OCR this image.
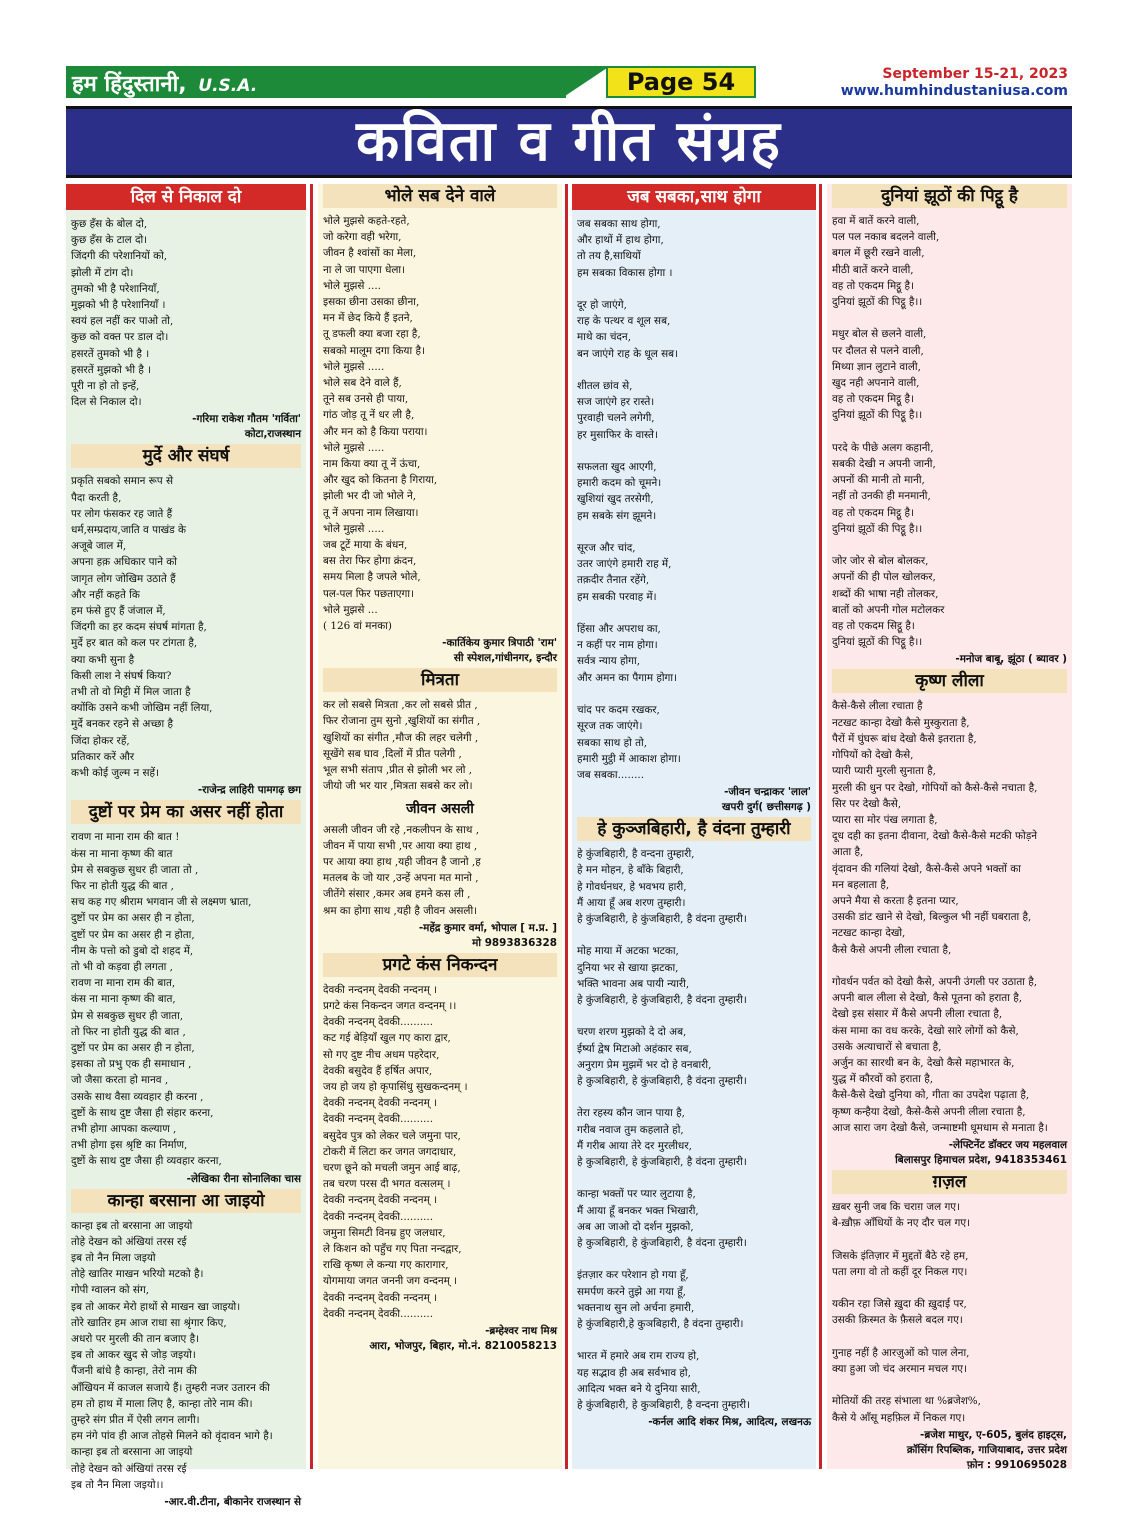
हम हिंदुस्तानी, U.S.A.	Page 54	September 15-21, 2023
www.humhindustaniusa.com
कविता व गीत संग्रह
दिल से निकाल दो
कुछ हँस के बोल दो,
कुछ हँस के टाल दो।
जिंदगी की परेशानियों को,
झोली में टांग दो।
तुमको भी है परेशानियाँ,
मुझको भी है परेशानियाँ ।
स्वयं हल नहीं कर पाओ तो,
कुछ को वक्त पर डाल दो।
हसरतें तुमको भी है ।
हसरतें मुझको भी है ।
पूरी ना हो तो इन्हें,
दिल से निकाल दो।
-गरिमा राकेश गौतम 'गर्विता'
कोटा,राजस्थान
मुर्दे और संघर्ष
प्रकृति सबको समान रूप से
पैदा करती है,
पर लोग फंसकर रह जाते हैं
धर्म,सम्प्रदाय,जाति व पाखंड के
अजूबे जाल में,
अपना हक़ अधिकार पाने को
जागृत लोग जोखिम उठाते हैं
और नहीं कहते कि
हम फंसे हुए हैं जंजाल में,
जिंदगी का हर कदम संघर्ष मांगता है,
मुर्दे हर बात को कल पर टांगता है,
क्या कभी सुना है
किसी लाश ने संघर्ष किया?
तभी तो वो मिट्टी में मिल जाता है
क्योंकि उसने कभी जोखिम नहीं लिया,
मुर्दे बनकर रहने से अच्छा है
जिंदा होकर रहें,
प्रतिकार करें और
कभी कोई जुल्म न सहें।
-राजेन्द्र लाहिरी पामगढ़ छग
दुष्टों पर प्रेम का असर नहीं होता
रावण ना माना राम की बात !
कंस ना माना कृष्ण की बात
प्रेम से सबकुछ सुधर ही जाता तो ,
फिर ना होती युद्ध की बात ,
सच कह गए श्रीराम भगवान जी से लक्ष्मण भ्राता,
दुष्टों पर प्रेम का असर ही न होता,
दुष्टों पर प्रेम का असर ही न होता,
नीम के पत्तो को डुबो दो शहद में,
तो भी वो कड़वा ही लगता ,
रावण ना माना राम की बात,
कंस ना माना कृष्ण की बात,
प्रेम से सबकुछ सुधर ही जाता,
तो फिर ना होती युद्ध की बात ,
दुष्टों पर प्रेम का असर ही न होता,
इसका तो प्रभु एक ही समाधान ,
जो जैसा करता हो मानव ,
उसके साथ वैसा व्यवहार ही करना ,
दुष्टों के साथ दुष्ट जैसा ही संहार करना,
तभी होगा आपका कल्याण ,
तभी होगा इस श्रृष्टि का निर्माण,
दुष्टों के साथ दुष्ट जैसा ही व्यवहार करना,
-लेखिका रीना सोनालिका चास
कान्हा बरसाना आ जाइयो
कान्हा इब तो बरसाना आ जाइयो
तोहे देखन को अंखियां तरस रई
इब तो नैन मिला जइयो
तोहे खातिर माखन भरियो मटको है।
गोपी ग्वालन को संग,
इब तो आकर मेरो हाथों से माखन खा जाइयो।
तोरे खातिर हम आज राधा सा श्रृंगार किए,
अधरो पर मुरली की तान बजाए है।
इब तो आकर खुद से जोड़ जइयो।
पैंजनी बांधे है कान्हा, तेरो नाम की
आँखियन में काजल सजाये हैं। तुम्हरी नजर उतारन की
हम तो हाथ में माला लिए है, कान्हा तोरे नाम की।
तुम्हरे संग प्रीत में ऐसी लगन लागी।
हम नंगे पांव ही आज तोहसे मिलने को वृंदावन भागे है।
कान्हा इब तो बरसाना आ जाइयो
तोहे देखन को अंखियां तरस रई
इब तो नैन मिला जइयो।।
-आर.वी.टीना, बीकानेर राजस्थान से
भोले सब देने वाले
भोले मुझसे कहते-रहते,
जो करेगा वही भरेगा,
जीवन है श्वांसों का मेला,
ना ले जा पाएगा धेला।
भोले मुझसे ....
इसका छीना उसका छीना,
मन में छेद किये हैं इतने,
तू डफली क्या बजा रहा है,
सबको मालूम दगा किया है।
भोले मुझसे .....
भोले सब देने वाले हैं,
तूने सब उनसे ही पाया,
गांठ जोड़ तू नें धर ली है,
और मन को है किया पराया।
भोले मुझसे .....
नाम किया क्या तू नें ऊंचा,
और खुद को कितना है गिराया,
झोली भर दी जो भोले ने,
तू नें अपना नाम लिखाया।
भोले मुझसे .....
जब टूटें माया के बंधन,
बस तेरा फिर होगा क्रंदन,
समय मिला है जपले भोले,
पल-पल फिर पछताएगा।
भोले मुझसे ...
( 126 वां मनका)
-कार्तिकेय कुमार त्रिपाठी 'राम'
सी स्पेशल,गांधीनगर, इन्दौर
मित्रता
कर लो सबसे मित्रता ,कर लो सबसे प्रीत ,
फिर रोजाना तुम सुनो ,खुशियों का संगीत ,
खुशियों का संगीत ,मौज की लहर चलेगी ,
सूखेंगे सब घाव ,दिलों में प्रीत पलेगी ,
भूल सभी संताप ,प्रीत से झोली भर लो ,
जीयो जी भर यार ,मित्रता सबसे कर लो।
जीवन असली
असली जीवन जी रहे ,नकलीपन के साथ ,
जीवन में पाया सभी ,पर आया क्या हाथ ,
पर आया क्या हाथ ,यही जीवन है जानो ,ह
मतलब के जो यार ,उन्हें अपना मत मानो ,
जीतेंगे संसार ,कमर अब हमने कस ली ,
श्रम का होगा साथ ,यही है जीवन असली।
-महेंद्र कुमार वर्मा, भोपाल [ म.प्र. ]
मो 9893836328
प्रगटे कंस निकन्दन
देवकी नन्दनम् देवकी नन्दनम् ।
प्रगटे कंस निकन्दन जगत वन्दनम् ।।
देवकी नन्दनम् देवकी..........
कट गई बेड़ियाँ खुल गए कारा द्वार,
सो गए दुष्ट नीच अधम पहरेदार,
देवकी बसुदेव हैं हर्षित अपार,
जय हो जय हो कृपासिंधु सुखकन्दनम् ।
देवकी नन्दनम् देवकी नन्दनम् ।
देवकी नन्दनम् देवकी..........
बसुदेव पुत्र को लेकर चले जमुना पार,
टोकरी में लिटा कर जगत जगदाधार,
चरण छूने को मचली जमुन आई बाढ़,
तब चरण परस दी भगत वत्सलम् ।
देवकी नन्दनम् देवकी नन्दनम् ।
देवकी नन्दनम् देवकी..........
जमुना सिमटी विनम्र हुए जलधार,
ले किशन को पहुँच गए पिता नन्दद्वार,
राखि कृष्ण ले कन्या गए कारागार,
योगमाया जगत जननी जग वन्दनम् ।
देवकी नन्दनम् देवकी नन्दनम् ।
देवकी नन्दनम् देवकी..........
-ब्रम्हेश्वर नाथ मिश्र
आरा, भोजपुर, बिहार, मो.नं. 8210058213
जब सबका,साथ होगा
जब सबका साथ होगा,
और हाथों में हाथ होगा,
तो तय है,साथियों
हम सबका विकास होगा ।

दूर हो जाएंगे,
राह के पत्थर व शूल सब,
माथे का चंदन,
बन जाएंगे राह के धूल सब।

शीतल छांव से,
सज जाएंगे हर रास्ते।
पुरवाही चलने लगेगी,
हर मुसाफिर के वास्ते।

सफलता खुद आएगी,
हमारी कदम को चूमने।
खुशियां खुद तरसेगी,
हम सबके संग झूमने।

सूरज और चांद,
उतर जाएंगे हमारी राह में,
तक़दीर तैनात रहेंगे,
हम सबकी परवाह में।

हिंसा और अपराध का,
न कहीं पर नाम होगा।
सर्वत्र न्याय होगा,
और अमन का पैगाम होगा।

चांद पर कदम रखकर,
सूरज तक जाएंगे।
सबका साथ हो तो,
हमारी मुट्ठी में आकाश होगा।
जब सबका........
-जीवन चन्द्राकर 'लाल'
खपरी दुर्ग( छत्तीसगढ़ )
हे कुञ्जबिहारी, है वंदना तुम्हारी
हे कुंजबिहारी, है वन्दना तुम्हारी,
हे मन मोहन, हे बाँके बिहारी,
हे गोवर्धनधर, हे भवभय हारी,
मैं आया हूँ अब शरण तुम्हारी।
हे कुंजबिहारी, हे कुंजबिहारी, है वंदना तुम्हारी।

मोह माया में अटका भटका,
दुनिया भर से खाया झटका,
भक्ति भावना अब पायी न्यारी,
हे कुंजबिहारी, हे कुंजबिहारी, है वंदना तुम्हारी।

चरण शरण मुझको दे दो अब,
ईर्ष्या द्वेष मिटाओ अहंकार सब,
अनुराग प्रेम मुझमें भर दो हे वनबारी,
हे कुञबिहारी, हे कुंजबिहारी, है वंदना तुम्हारी।

तेरा रहस्य कौन जान पाया है,
गरीब नवाज तुम कहलाते हो,
मैं गरीब आया तेरे दर मुरलीधर,
हे कुञबिहारी, हे कुंजबिहारी, है वंदना तुम्हारी।

कान्हा भक्तों पर प्यार लुटाया है,
मैं आया हूँ बनकर भक्त भिखारी,
अब आ जाओ दो दर्शन मुझको,
हे कुञबिहारी, हे कुंजबिहारी, है वंदना तुम्हारी।

इंतज़ार कर परेशान हो गया हूँ,
समर्पण करने तुझे आ गया हूँ,
भक्तनाथ सुन लो अर्चना हमारी,
हे कुंजबिहारी,हे कुञबिहारी, है वंदना तुम्हारी।

भारत में हमारे अब राम राज्य हो,
यह सद्भाव ही अब सर्वभाव हो,
आदित्य भक्त बने ये दुनिया सारी,
हे कुंजबिहारी, हे कुञबिहारी, है वन्दना तुम्हारी।
-कर्नल आदि शंकर मिश्र, आदित्य, लखनऊ
दुनियां झूठों की पिट्ठू है
हवा में बातें करने वाली,
पल पल नकाब बदलने वाली,
बगल में छूरी रखने वाली,
मीठी बातें करने वाली,
वह तो एकदम मिट्ठू है।
दुनियां झूठों की पिट्ठू है।।

मधुर बोल से छलने वाली,
पर दौलत से पलने वाली,
मिथ्या ज्ञान लुटाने वाली,
खुद नही अपनाने वाली,
वह तो एकदम मिट्ठू है।
दुनियां झूठों की पिट्ठू है।।

परदे के पीछे अलग कहानी,
सबकी देखी न अपनी जानी,
अपनों की मानी तो मानी,
नहीं तो उनकी ही मनमानी,
वह तो एकदम मिट्ठू है।
दुनियां झूठों की पिट्ठू है।।

जोर जोर से बोल बोलकर,
अपनों की ही पोल खोलकर,
शब्दों की भाषा नही तोलकर,
बातों को अपनी गोल मटोलकर
वह तो एकदम सिट्ठू है।
दुनियां झूठों की पिट्ठू है।।
-मनोज बाबू, झूंठा ( ब्यावर )
कृष्ण लीला
कैसे-कैसे लीला रचाता है
नटखट कान्हा देखो कैसे मुस्कुराता है,
पैरों में घुंघरू बांध देखो कैसे इतराता है,
गोपियों को देखो कैसे,
प्यारी प्यारी मुरली सुनाता है,
मुरली की धुन पर देखो, गोपियों को कैसे-कैसे नचाता है,
सिर पर देखो कैसे,
प्यारा सा मोर पंख लगाता है,
दूध दही का इतना दीवाना, देखो कैसे-कैसे मटकी फोड़ने
आता है,
वृंदावन की गलियां देखो, कैसे-कैसे अपने भक्तों का
मन बहलाता है,
अपने मैया से करता है इतना प्यार,
उसकी डांट खाने से देखो, बिल्कुल भी नहीं घबराता है,
नटखट कान्हा देखो,
कैसे कैसे अपनी लीला रचाता है,

गोवर्धन पर्वत को देखो कैसे, अपनी उंगली पर उठाता है,
अपनी बाल लीला से देखो, कैसे पूतना को हराता है,
देखो इस संसार में कैसे अपनी लीला रचाता है,
कंस मामा का वध करके, देखो सारे लोगों को कैसे,
उसके अत्याचारों से बचाता है,
अर्जुन का सारथी बन के, देखो कैसे महाभारत के,
युद्ध में कौरवों को हराता है,
कैसे-कैसे देखो दुनिया को, गीता का उपदेश पढ़ाता है,
कृष्ण कन्हैया देखो, कैसे-कैसे अपनी लीला रचाता है,
आज सारा जग देखो कैसे, जन्माष्टमी धूमधाम से मनाता है।
-लेफ्टिनेंट डॉक्टर जय महलवाल
बिलासपुर हिमाचल प्रदेश, 9418353461
ग़ज़ल
ख़बर सुनी जब कि चराग़ जल गए।
बे-ख़ौफ़ आँधियों के नए दौर चल गए।

जिसके इंतिज़ार में मुद्दतों बैठे रहे हम,
पता लगा वो तो कहीं दूर निकल गए।

यकीन रहा जिसे ख़ुदा की ख़ुदाई पर,
उसकी क़िस्मत के फ़ैसले बदल गए।

गुनाह नहीं है आरज़ुओं को पाल लेना,
क्या हुआ जो चंद अरमान मचल गए।

मोतियों की तरह संभाला था %ब्रजेश%,
कैसे ये आँसू महफ़िल में निकल गए।
-ब्रजेश माथुर, ए-605, बुलंद हाइट्स,
क्रॉसिंग रिपब्लिक, गाजियाबाद, उत्तर प्रदेश
फ़ोन : 9910695028
